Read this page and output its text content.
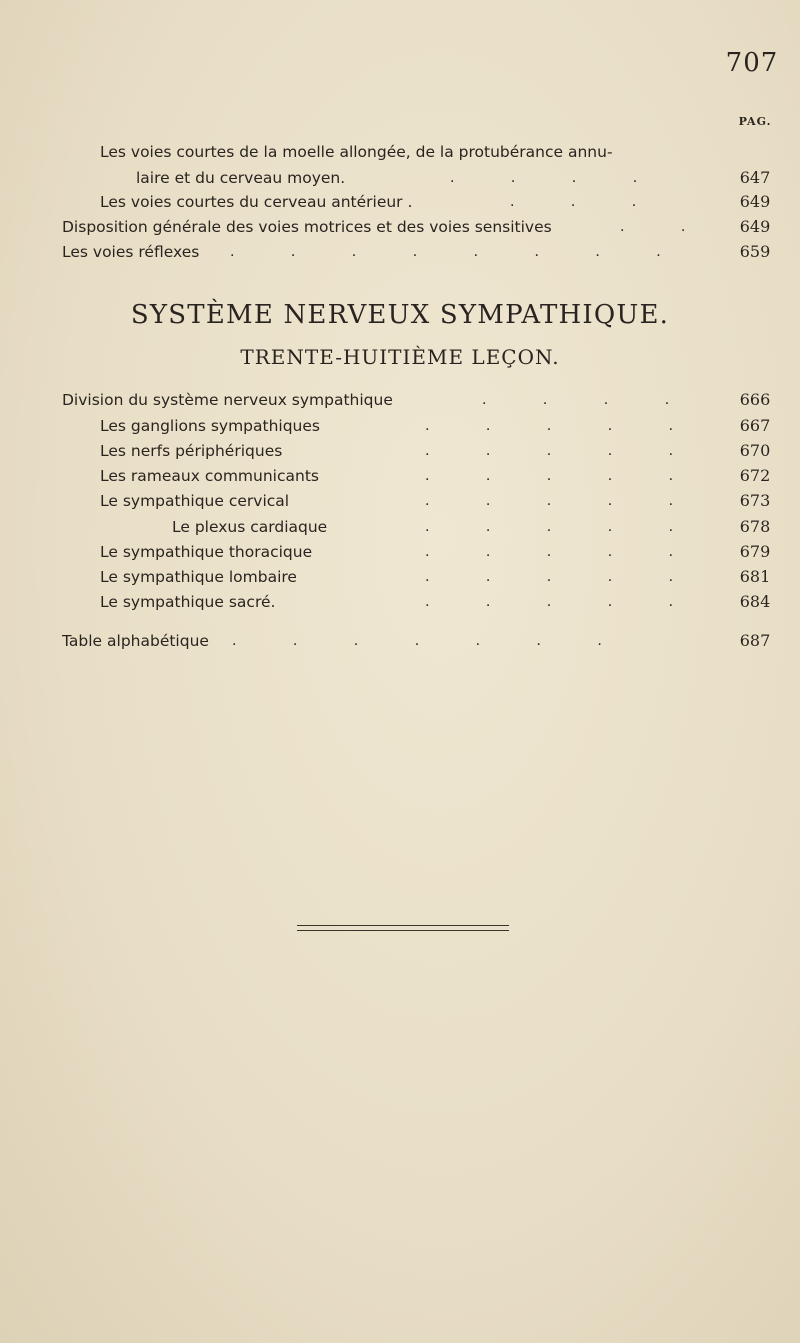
707
PAG.
Les voies courtes de la moelle allongée, de la protubérance annu-
laire et du cerveau moyen.	. . . .	647
Les voies courtes du cerveau antérieur .	. . .	649
Disposition générale des voies motrices et des voies sensitives	. .	649
Les voies réflexes . . . . . . . .	659
SYSTÈME NERVEUX SYMPATHIQUE.
TRENTE-HUITIÈME LEÇON.
Division du système nerveux sympathique	. . . .	666
Les ganglions sympathiques	. . . . .	667
Les nerfs périphériques	. . . . .	670
Les rameaux communicants	. . . . .	672
Le sympathique cervical	. . . . .	673
Le plexus cardiaque	. . . . .	678
Le sympathique thoracique	. . . . .	679
Le sympathique lombaire	. . . . .	681
Le sympathique sacré.	. . . . .	684
Table alphabétique . . . . . . .	687
